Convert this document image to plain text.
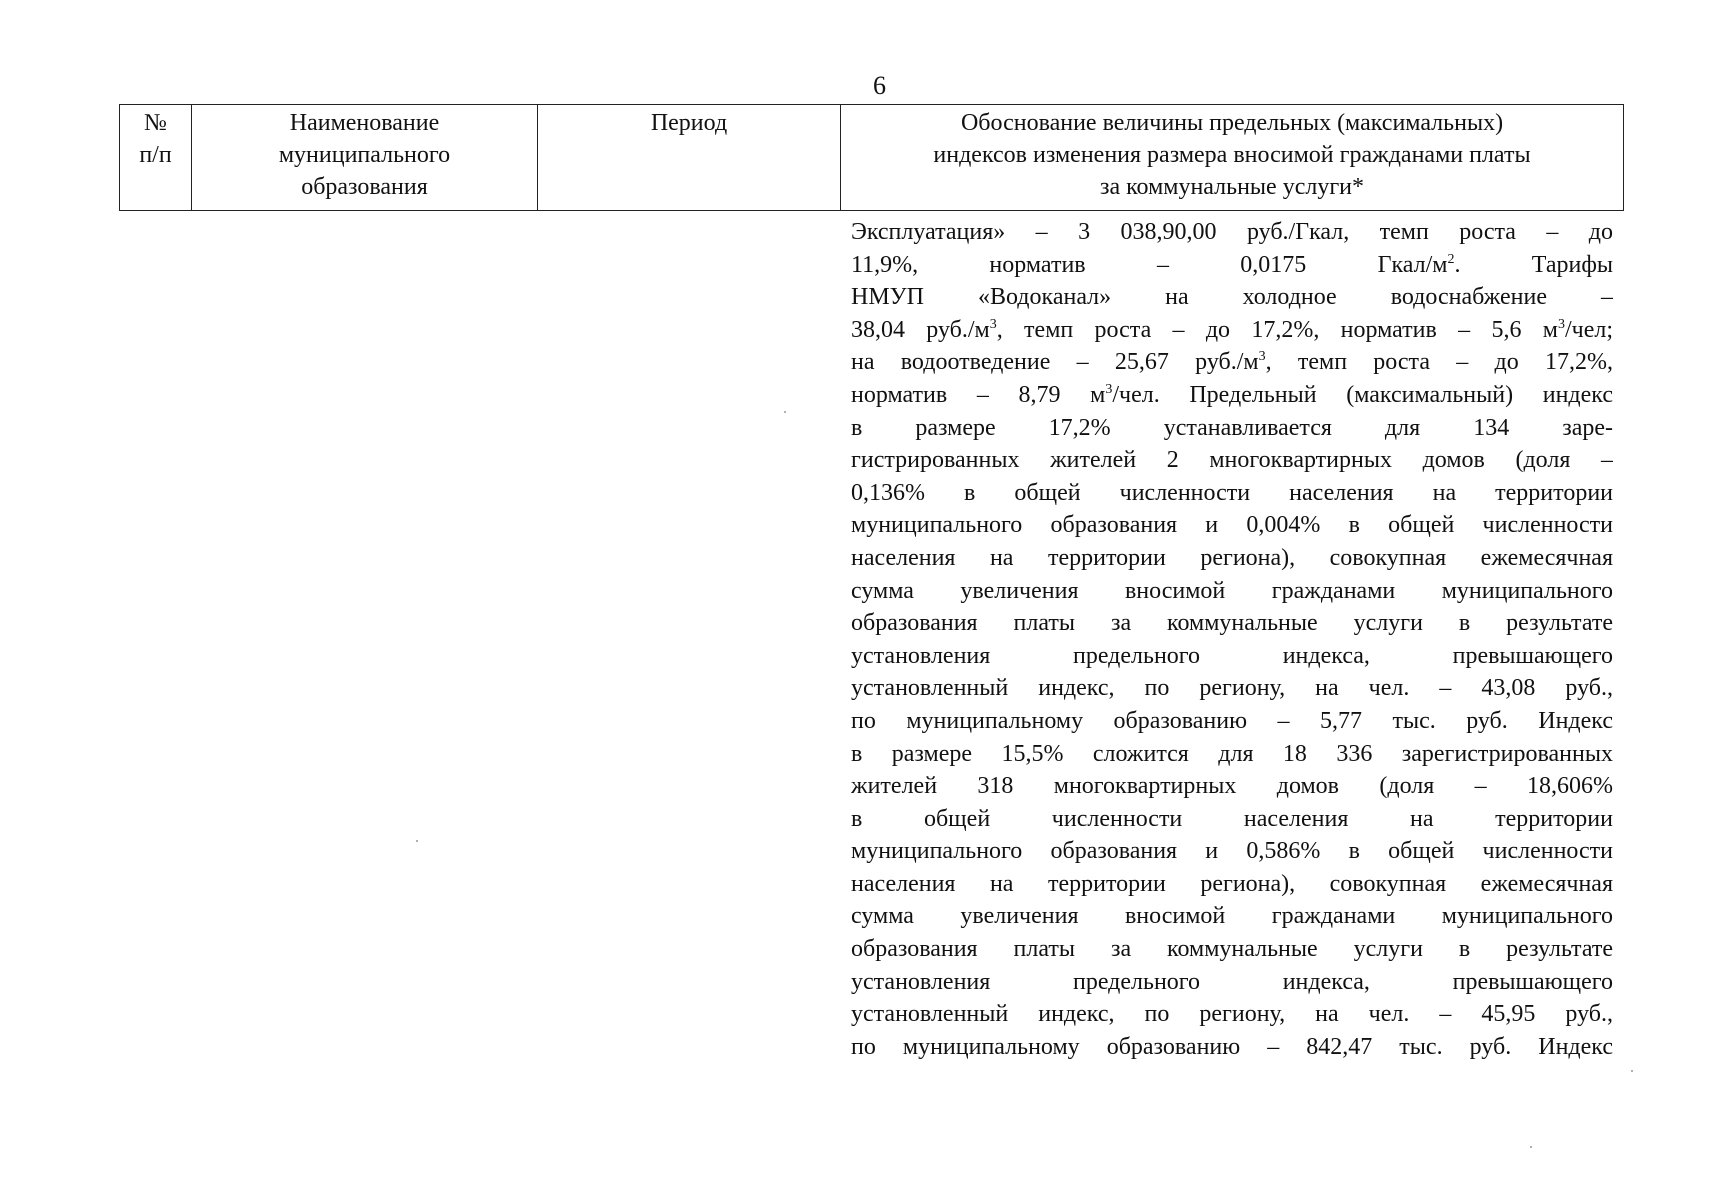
6
№
п/п
Наименование
муниципального
образования
Период	Обоснование величины предельных (максимальных)
индексов изменения размера вносимой гражданами платы
за коммунальные услуги*
Эксплуатация» – 3 038,90,00 руб./Гкал, темп роста – до
11,9%, норматив – 0,0175 Гкал/$м^2$. Тарифы
НМУП «Водоканал» на холодное водоснабжение –
38,04 $руб./м^3$, темп роста – до 17,2%, норматив – 5,6 $м^3$/чел;
на водоотведение – 25,67 $руб./м^3$, темп роста – до 17,2%,
норматив – 8,79 $м^3$/чел. Предельный (максимальный) индекс
в размере 17,2% устанавливается для 134 заре-
гистрированных жителей 2 многоквартирных домов (доля –
0,136% в общей численности населения на территории
муниципального образования и 0,004% в общей численности
населения на территории региона), совокупная ежемесячная
сумма увеличения вносимой гражданами муниципального
образования платы за коммунальные услуги в результате
установления предельного индекса, превышающего
установленный индекс, по региону, на чел. – 43,08 руб.,
по муниципальному образованию – 5,77 тыс. руб. Индекс
в размере 15,5% сложится для 18 336 зарегистрированных
жителей 318 многоквартирных домов (доля – 18,606%
в общей численности населения на территории
муниципального образования и 0,586% в общей численности
населения на территории региона), совокупная ежемесячная
сумма увеличения вносимой гражданами муниципального
образования платы за коммунальные услуги в результате
установления предельного индекса, превышающего
установленный индекс, по региону, на чел. – 45,95 руб.,
по муниципальному образованию – 842,47 тыс. руб. Индекс
